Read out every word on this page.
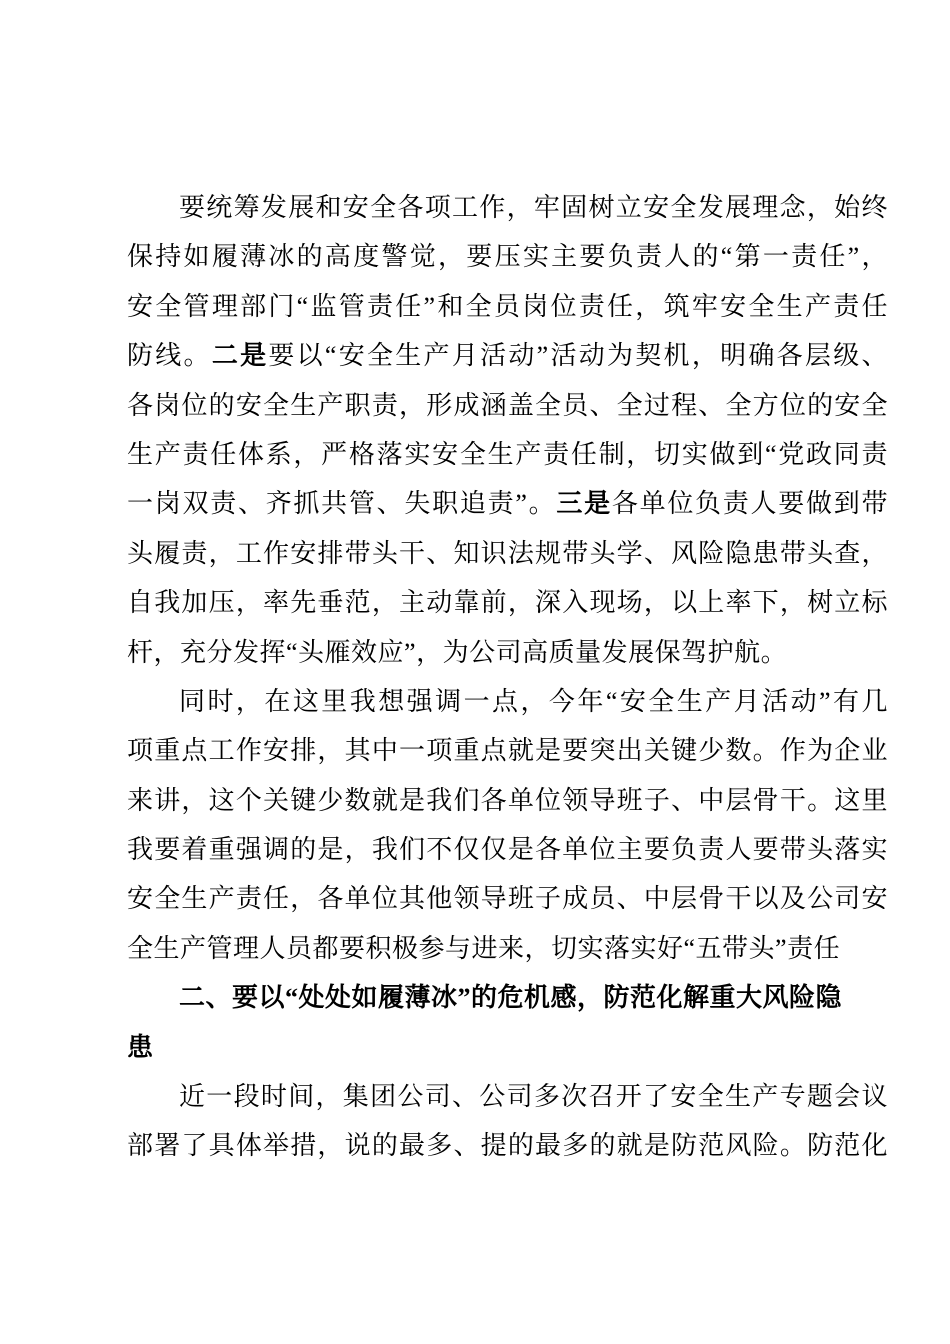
要统筹发展和安全各项工作，牢固树立安全发展理念，始终
保持如履薄冰的高度警觉，要压实主要负责人的“第一责任”，
安全管理部门“监管责任”和全员岗位责任，筑牢安全生产责任
防线。二是要以“安全生产月活动”活动为契机，明确各层级、
各岗位的安全生产职责，形成涵盖全员、全过程、全方位的安全
生产责任体系，严格落实安全生产责任制，切实做到“党政同责
一岗双责、齐抓共管、失职追责”。三是各单位负责人要做到带
头履责，工作安排带头干、知识法规带头学、风险隐患带头查，
自我加压，率先垂范，主动靠前，深入现场，以上率下，树立标
杆，充分发挥“头雁效应”，为公司高质量发展保驾护航。
同时，在这里我想强调一点，今年“安全生产月活动”有几
项重点工作安排，其中一项重点就是要突出关键少数。作为企业
来讲，这个关键少数就是我们各单位领导班子、中层骨干。这里
我要着重强调的是，我们不仅仅是各单位主要负责人要带头落实
安全生产责任，各单位其他领导班子成员、中层骨干以及公司安
全生产管理人员都要积极参与进来，切实落实好“五带头”责任
二、要以“处处如履薄冰”的危机感，防范化解重大风险隐
患
近一段时间，集团公司、公司多次召开了安全生产专题会议
部署了具体举措，说的最多、提的最多的就是防范风险。防范化
